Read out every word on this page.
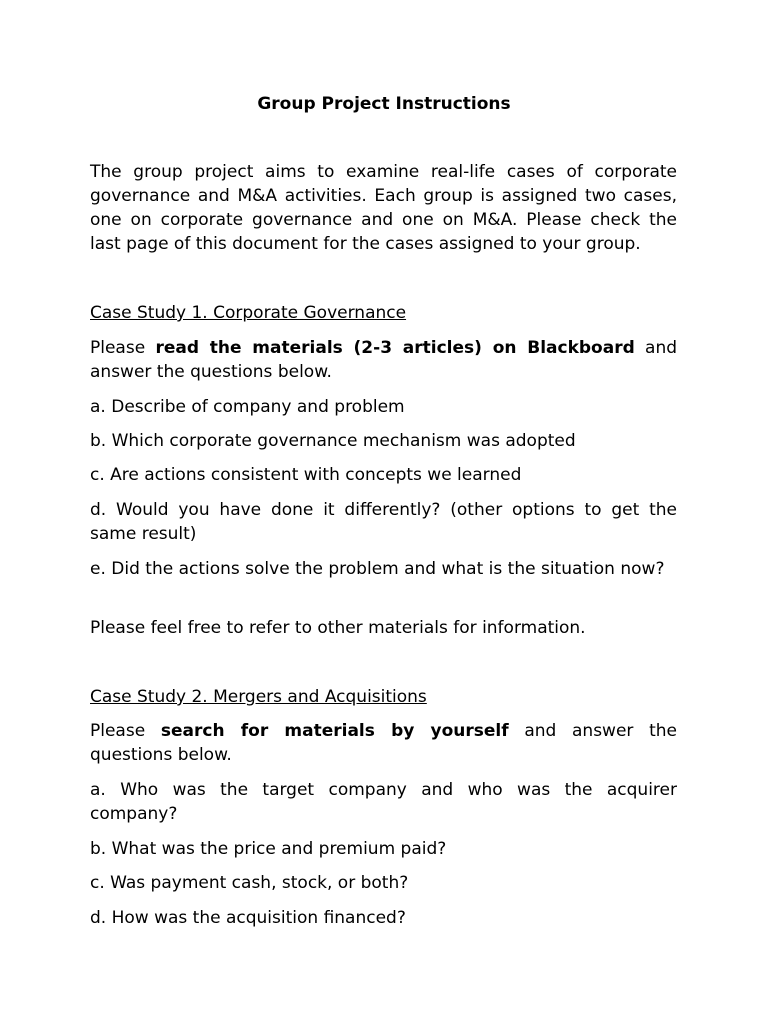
Group Project Instructions
The group project aims to examine real-life cases of corporate governance and M&A activities. Each group is assigned two cases, one on corporate governance and one on M&A. Please check the last page of this document for the cases assigned to your group.
Case Study 1. Corporate Governance
Please read the materials (2-3 articles) on Blackboard and answer the questions below.
a. Describe of company and problem
b. Which corporate governance mechanism was adopted
c. Are actions consistent with concepts we learned
d. Would you have done it differently? (other options to get the same result)
e. Did the actions solve the problem and what is the situation now?
Please feel free to refer to other materials for information.
Case Study 2. Mergers and Acquisitions
Please search for materials by yourself and answer the questions below.
a. Who was the target company and who was the acquirer company?
b. What was the price and premium paid?
c. Was payment cash, stock, or both?
d. How was the acquisition financed?
